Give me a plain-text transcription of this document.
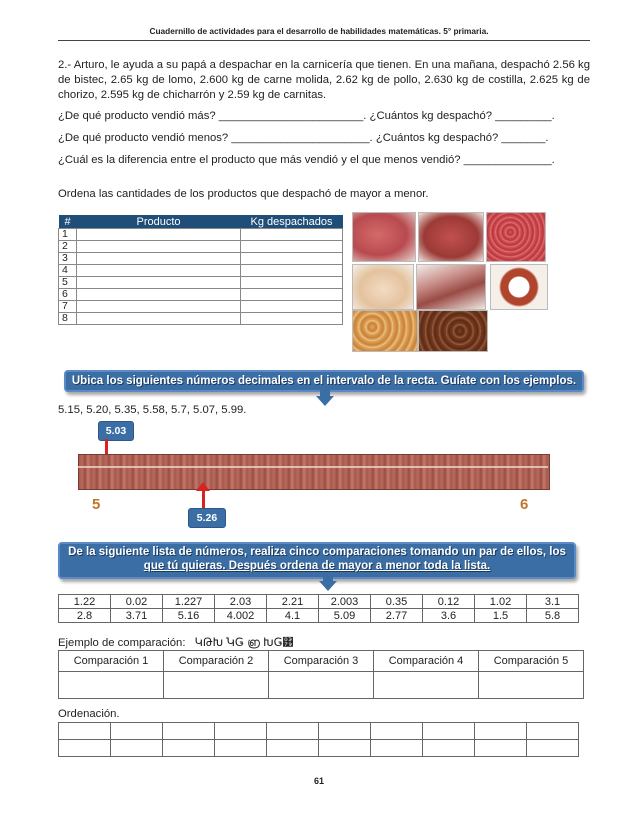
Cuadernillo de actividades para el desarrollo de habilidades matemáticas. 5° primaria.
2.- Arturo, le ayuda a su papá a despachar en la carnicería que tienen. En una mañana, despachó 2.56 kg de bistec, 2.65 kg de lomo, 2.600 kg de carne molida, 2.62 kg de pollo, 2.630 kg de costilla, 2.625 kg de chorizo, 2.595 kg de chicharrón y 2.59 kg de carnitas.
¿De qué producto vendió más? _______________________. ¿Cuántos kg despachó? _________.
¿De qué producto vendió menos? ______________________. ¿Cuántos kg despachó? _______.
¿Cuál es la diferencia entre el producto que más vendió y el que menos vendió? ______________.
Ordena las cantidades de los productos que despachó de mayor a menor.
#	Producto	Kg despachados
1		
2		
3		
4		
5		
6		
7		
8		
Ubica los siguientes números decimales en el intervalo de la recta. Guíate con los ejemplos.
5.15, 5.20, 5.35, 5.58, 5.7, 5.07, 5.99.
5.03
5.26
5	6
De la siguiente lista de números, realiza cinco comparaciones tomando un par de ellos, los
que tú quieras. Después ordena de mayor a menor toda la lista.
1.22	0.02	1.227	2.03	2.21	2.003	0.35	0.12	1.02	3.1
2.8	3.71	5.16	4.002	4.1	5.09	2.77	3.6	1.5	5.8
Ejemplo de comparación: ԿԹԽܶ ԿǤ ൏ ԽǤ͹
Comparación 1	Comparación 2	Comparación 3	Comparación 4	Comparación 5

Ordenación.

61
